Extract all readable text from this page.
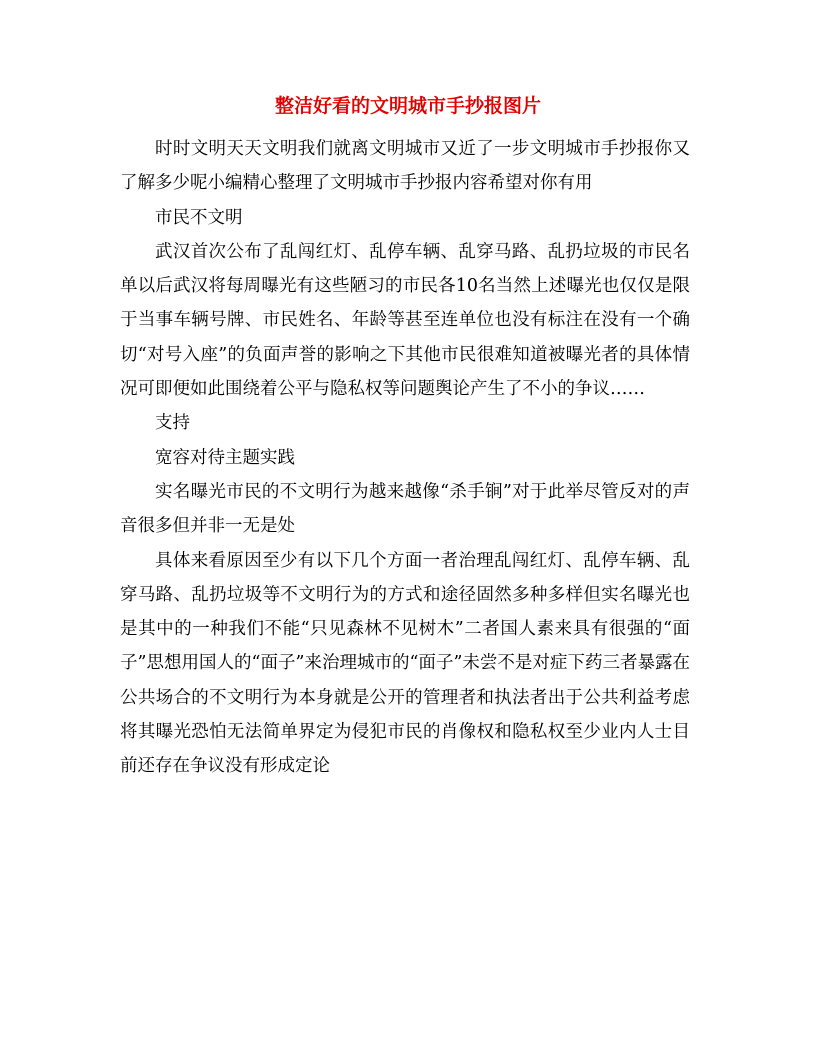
整洁好看的文明城市手抄报图片

时时文明天天文明我们就离文明城市又近了一步文明城市手抄报你又了解多少呢小编精心整理了文明城市手抄报内容希望对你有用

市民不文明

武汉首次公布了乱闯红灯、乱停车辆、乱穿马路、乱扔垃圾的市民名单以后武汉将每周曝光有这些陋习的市民各10名当然上述曝光也仅仅是限于当事车辆号牌、市民姓名、年龄等甚至连单位也没有标注在没有一个确切“对号入座”的负面声誉的影响之下其他市民很难知道被曝光者的具体情况可即便如此围绕着公平与隐私权等问题舆论产生了不小的争议……

支持

宽容对待主题实践

实名曝光市民的不文明行为越来越像“杀手锏”对于此举尽管反对的声音很多但并非一无是处

具体来看原因至少有以下几个方面一者治理乱闯红灯、乱停车辆、乱穿马路、乱扔垃圾等不文明行为的方式和途径固然多种多样但实名曝光也是其中的一种我们不能“只见森林不见树木”二者国人素来具有很强的“面子”思想用国人的“面子”来治理城市的“面子”未尝不是对症下药三者暴露在公共场合的不文明行为本身就是公开的管理者和执法者出于公共利益考虑将其曝光恐怕无法简单界定为侵犯市民的肖像权和隐私权至少业内人士目前还存在争议没有形成定论
